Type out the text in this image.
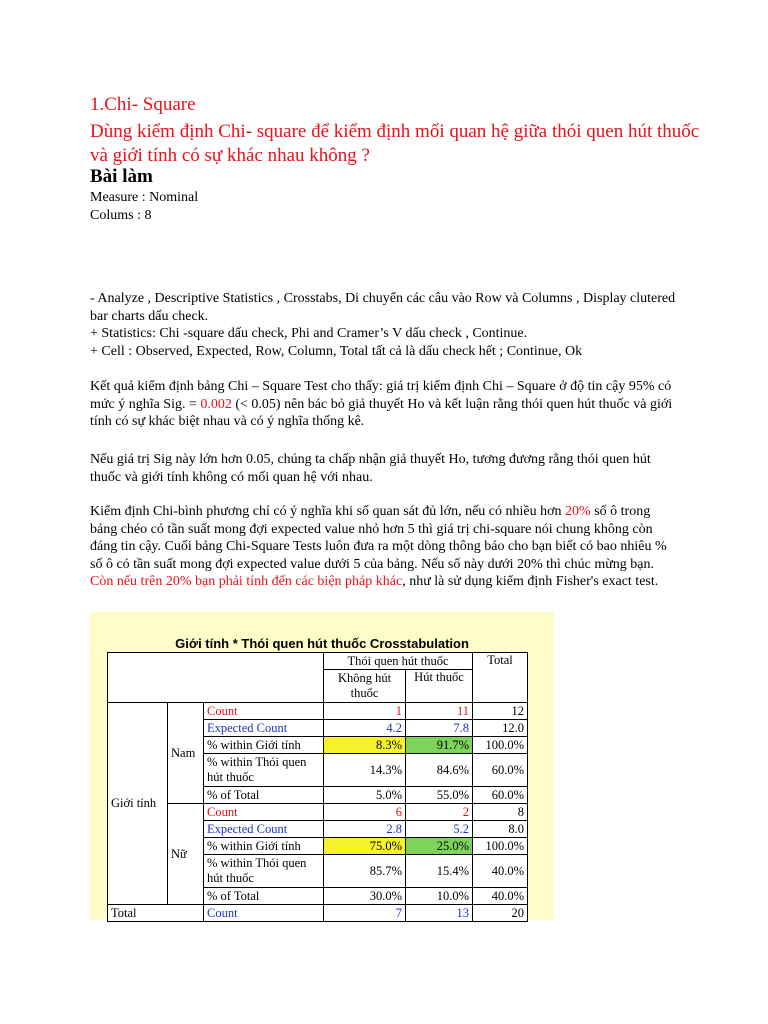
1.Chi- Square
Dùng kiểm định Chi- square để kiểm định mối quan hệ giữa thói quen hút thuốc và giới tính có sự khác nhau không ?
Bài làm
Measure : Nominal
Colums : 8
- Analyze , Descriptive Statistics , Crosstabs, Di chuyển các câu vào Row và Columns , Display clutered bar charts dấu check.
+ Statistics: Chi -square dấu check, Phi and Cramer’s V dấu check , Continue.
+ Cell : Observed, Expected, Row, Column, Total tất cả là dấu check hết ; Continue, Ok
Kết quả kiểm định bảng Chi – Square Test cho thấy: giá trị kiểm định Chi – Square ở độ tin cậy 95% có mức ý nghĩa Sig. = 0.002 (< 0.05) nên bác bỏ giả thuyết Ho và kết luận rằng thói quen hút thuốc và giới tính có sự khác biệt nhau và có ý nghĩa thống kê.
Nếu giá trị Sig này lớn hơn 0.05, chúng ta chấp nhận giả thuyết Ho, tương đương rằng thói quen hút thuốc và giới tính không có mối quan hệ với nhau.
Kiểm định Chi-bình phương chỉ có ý nghĩa khi số quan sát đủ lớn, nếu có nhiều hơn 20% số ô trong bảng chéo có tần suất mong đợi expected value nhỏ hơn 5 thì giá trị chi-square nói chung không còn đáng tin cậy. Cuối bảng Chi-Square Tests luôn đưa ra một dòng thông báo cho bạn biết có bao nhiêu % số ô có tần suất mong đợi expected value dưới 5 của bảng. Nếu số này dưới 20% thì chúc mừng bạn. Còn nếu trên 20% bạn phải tính đến các biện pháp khác, như là sử dụng kiểm định Fisher's exact test.
Giới tính * Thói quen hút thuốc Crosstabulation
			Thói quen hút thuốc		Total
			Không hút thuốc	Hút thuốc	
Giới tính	Nam	Count	1	11	12
		Expected Count	4.2	7.8	12.0
		% within Giới tính	8.3%	91.7%	100.0%
		% within Thói quen hút thuốc	14.3%	84.6%	60.0%

		% of Total	5.0%	55.0%	60.0%
	Nữ	Count	6	2	8
		Expected Count	2.8	5.2	8.0
		% within Giới tính	75.0%	25.0%	100.0%
		% within Thói quen hút thuốc	85.7%	15.4%	40.0%

		% of Total	30.0%	10.0%	40.0%
Total		Count	7	13	20
